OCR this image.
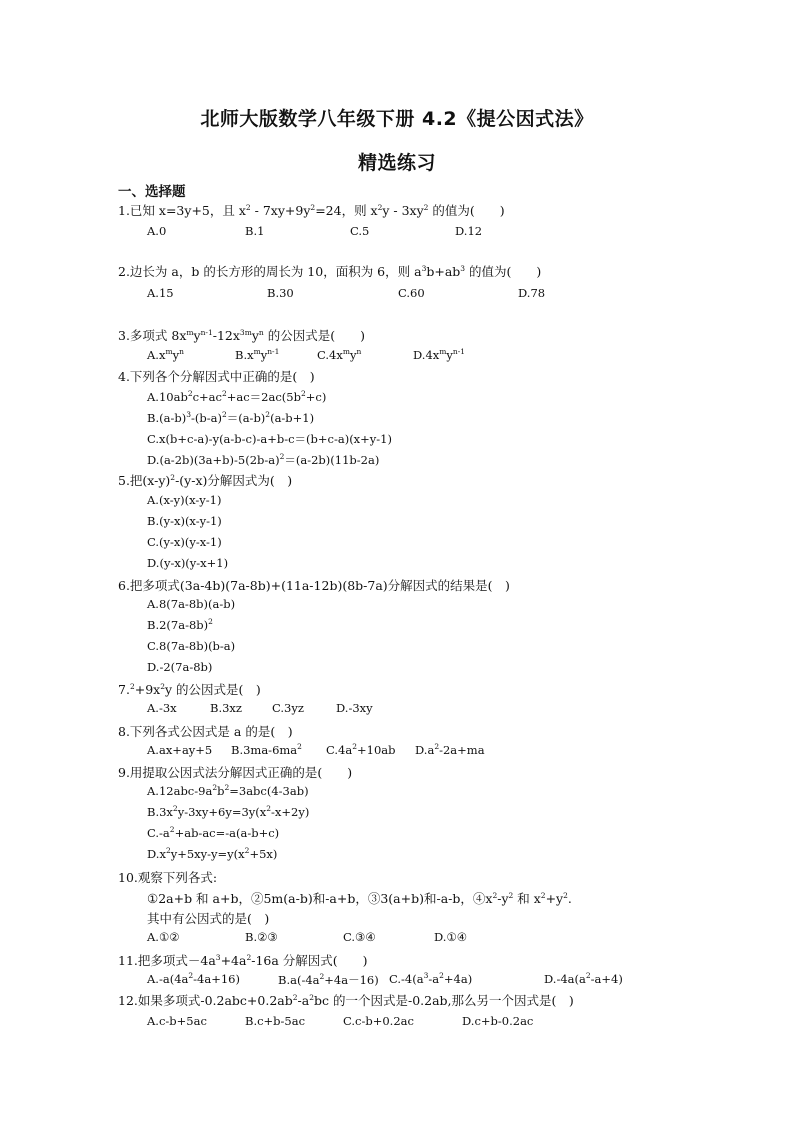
北师大版数学八年级下册 4.2《提公因式法》
精选练习
一、选择题
1.已知 x=3y+5，且 $x^2 - 7xy+9y^2=24$，则 $x^2y - 3xy^2$ 的值为(　　)
A.0	B.1	C.5	D.12
2.边长为 a，b 的长方形的周长为 10，面积为 6，则 $a^3b+ab^3$ 的值为(　　)
A.15	B.30	C.60	D.78
3.多项式 $8x^my^{n-1}-12x^{3m}y^n$ 的公因式是(　　)
$A.x^my^n$	$B.x^my^{n-1}$	$C.4x^my^n$	$D.4x^my^{n-1}$
4.下列各个分解因式中正确的是(　)
$A.10ab^2c+ac^2+ac=2ac(5b^2+c)$
$B.(a-b)^3-(b-a)^2=(a-b)^2(a-b+1)$
C.x(b+c-a)-y(a-b-c)-a+b-c＝(b+c-a)(x+y-1)
$D.(a-2b)(3a+b)-5(2b-a)^2=(a-2b)(11b-2a)$
5.把$(x-y)^2-(y-x)$分解因式为(　)
A.(x-y)(x-y-1)
B.(y-x)(x-y-1)
C.(y-x)(y-x-1)
D.(y-x)(y-x+1)
6.把多项式(3a-4b)(7a-8b)+(11a-12b)(8b-7a)分解因式的结果是(　)
A.8(7a-8b)(a-b)
$B.2(7a-8b)^2$
C.8(7a-8b)(b-a)
D.-2(7a-8b)
$7.^2+9x^2y$ 的公因式是(　)
A.-3x	B.3xz	C.3yz	D.-3xy
8.下列各式公因式是 a 的是(　)
A.ax+ay+5 $B.3ma-6ma^2$ $C.4a^2+10ab$ $D.a^2-2a+ma$
9.用提取公因式法分解因式正确的是(　　)
$A.12abc-9a^2b^2=3abc(4-3ab)$
$B.3x^2y-3xy+6y=3y(x^2-x+2y)$
$C.-a^2+ab-ac=-a(a-b+c)$
$D.x^2y+5xy-y=y(x^2+5x)$
10.观察下列各式:
①2a+b 和 a+b，②5m(a-b)和-a+b，③3(a+b)和-a-b，$④x^2-y^2$ 和 $x^2+y^2$.
其中有公因式的是(　)
A.①②	B.②③	C.③④	D.①④
11.把多项式$-4a^3+4a^2-16a$ 分解因式(　　)
$A.-a(4a^2-4a+16)$	$B.a(-4a^2+4a-16)$ $C.-4(a^3-a^2+4a)$	$D.-4a(a^2-a+4)$
12.如果多项式$-0.2abc+0.2ab^2-a^2bc$ 的一个因式是-0.2ab,那么另一个因式是(　)
A.c-b+5ac	B.c+b-5ac	C.c-b+0.2ac	D.c+b-0.2ac
